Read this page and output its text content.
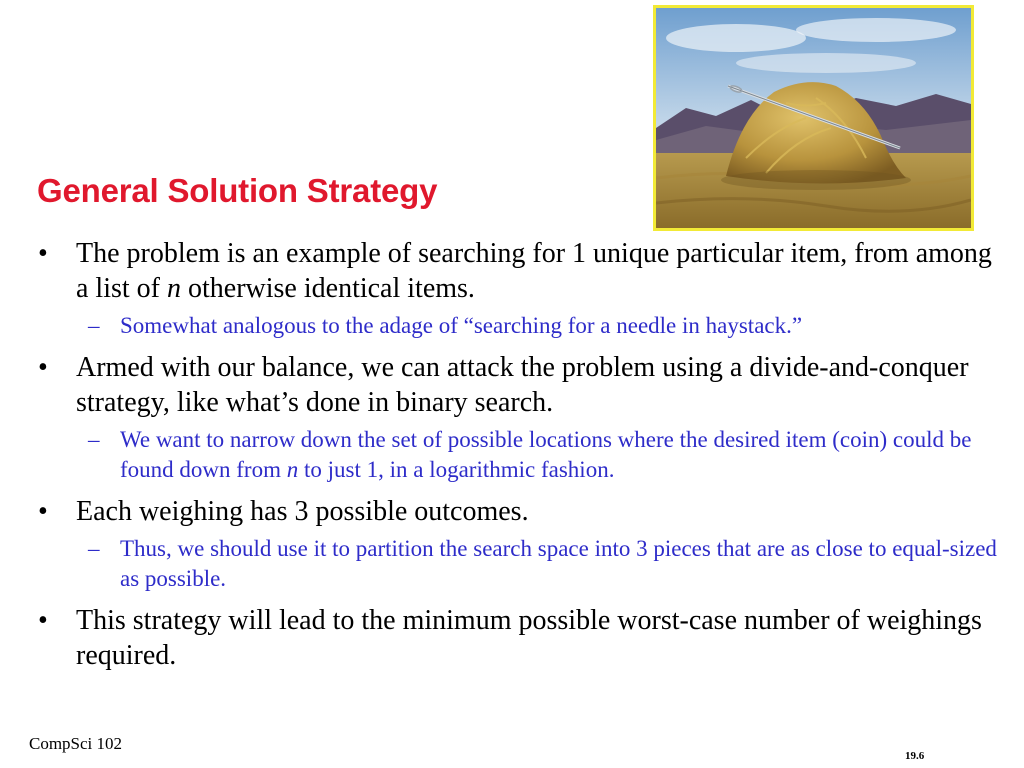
General Solution Strategy
• The problem is an example of searching for 1 unique particular item, from among a list of n otherwise identical items.
– Somewhat analogous to the adage of “searching for a needle in haystack.”
• Armed with our balance, we can attack the problem using a divide-and-conquer strategy, like what’s done in binary search.
– We want to narrow down the set of possible locations where the desired item (coin) could be found down from n to just 1, in a logarithmic fashion.
• Each weighing has 3 possible outcomes.
– Thus, we should use it to partition the search space into 3 pieces that are as close to equal-sized as possible.
• This strategy will lead to the minimum possible worst-case number of weighings required.
CompSci 102
19.6
